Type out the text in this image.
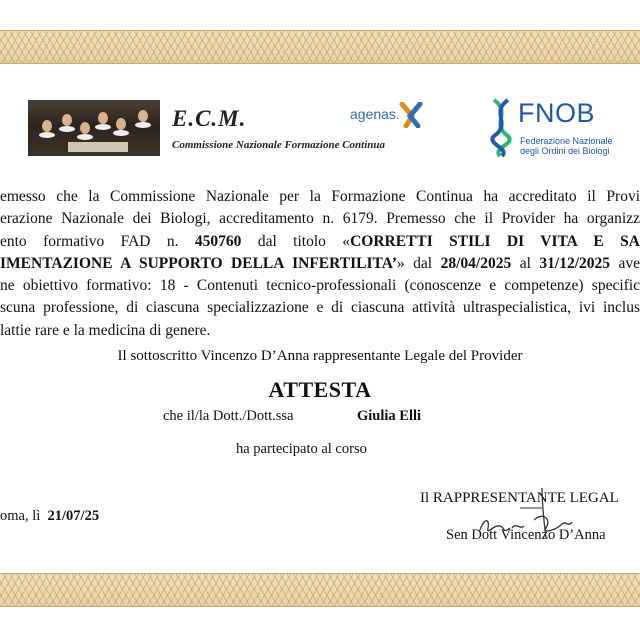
E.C.M.
Commissione Nazionale Formazione Continua
agenas.	FNOB
Federazione Nazionale
degli Ordini dei Biologi
emesso che la Commissione Nazionale per la Formazione Continua ha accreditato il Provi
erazione Nazionale dei Biologi, accreditamento n. 6179. Premesso che il Provider ha organizz
ento formativo FAD n. 450760 dal titolo «CORRETTI STILI DI VITA E SA
IMENTAZIONE A SUPPORTO DELLA INFERTILITA’» dal 28/04/2025 al 31/12/2025 ave
ne obiettivo formativo: 18 - Contenuti tecnico-professionali (conoscenze e competenze) specific
scuna professione, di ciascuna specializzazione e di ciascuna attività ultraspecialistica, ivi inclus
lattie rare e la medicina di genere.
Il sottoscritto Vincenzo D’Anna rappresentante Legale del Provider
ATTESTA
che il/la Dott./Dott.ssa	Giulia Elli
ha partecipato al corso
oma, lì 21/07/25
Il RAPPRESENTANTE LEGAL
Sen Dott Vincenzo D’Anna
